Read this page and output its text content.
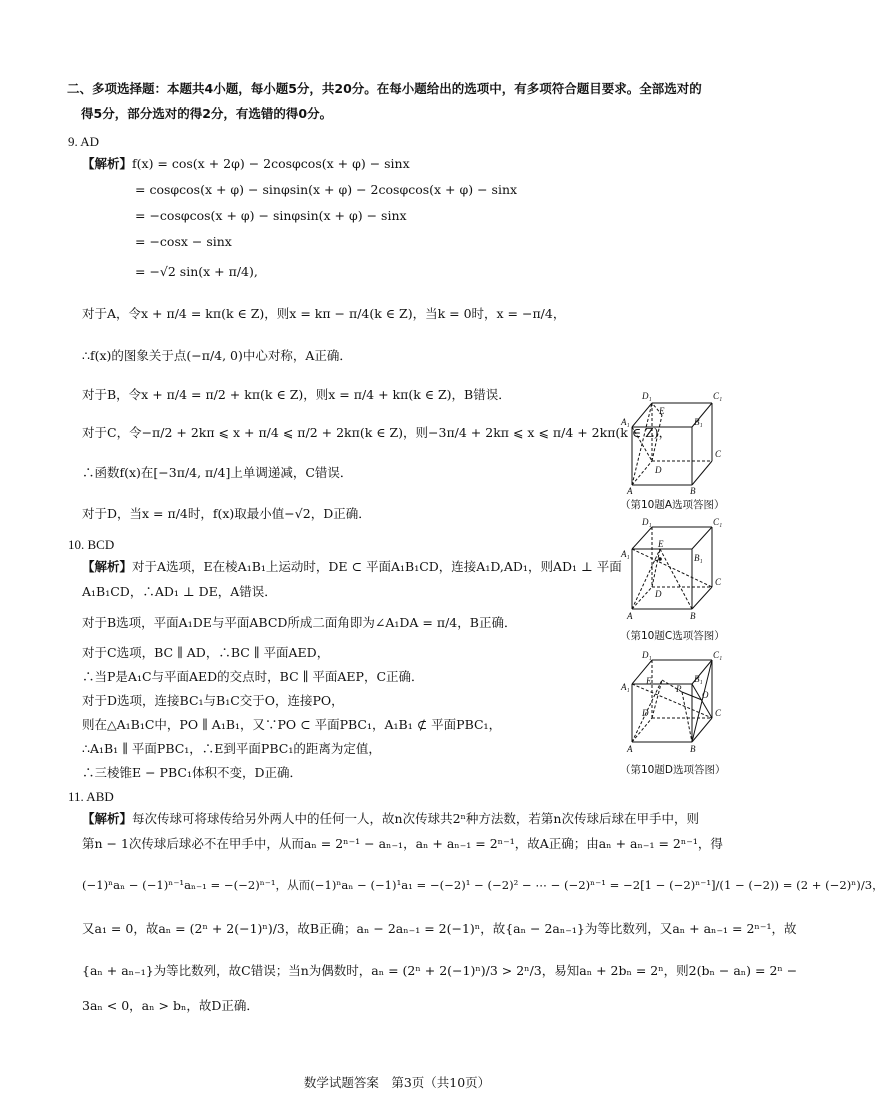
二、多项选择题：本题共4小题，每小题5分，共20分。在每小题给出的选项中，有多项符合题目要求。全部选对的
得5分，部分选对的得2分，有选错的得0分。
9. AD
【解析】f(x) = cos(x + 2φ) − 2cosφcos(x + φ) − sinx
= cosφcos(x + φ) − sinφsin(x + φ) − 2cosφcos(x + φ) − sinx
= −cosφcos(x + φ) − sinφsin(x + φ) − sinx
= −cosx − sinx
= −√2 sin(x + π/4),
对于A，令x + π/4 = kπ(k ∈ Z)，则x = kπ − π/4(k ∈ Z)，当k = 0时，x = −π/4，
∴f(x)的图象关于点(−π/4, 0)中心对称，A正确．
对于B，令x + π/4 = π/2 + kπ(k ∈ Z)，则x = π/4 + kπ(k ∈ Z)，B错误．
对于C，令−π/2 + 2kπ ⩽ x + π/4 ⩽ π/2 + 2kπ(k ∈ Z)，则−3π/4 + 2kπ ⩽ x ⩽ π/4 + 2kπ(k ∈ Z)，
∴函数f(x)在[−3π/4, π/4]上单调递减，C错误．
对于D，当x = π/4时，f(x)取最小值−√2，D正确．
10. BCD
【解析】对于A选项，E在棱A₁B₁上运动时，DE ⊂ 平面A₁B₁CD，连接A₁D,AD₁，则AD₁ ⊥ 平面
A₁B₁CD，∴AD₁ ⊥ DE，A错误．
对于B选项，平面A₁DE与平面ABCD所成二面角即为∠A₁DA = π/4，B正确．
对于C选项，BC ∥ AD，∴BC ∥ 平面AED，
∴当P是A₁C与平面AED的交点时，BC ∥ 平面AEP，C正确．
对于D选项，连接BC₁与B₁C交于O，连接PO，
则在△A₁B₁C中，PO ∥ A₁B₁，又∵PO ⊂ 平面PBC₁，A₁B₁ ⊄ 平面PBC₁，
∴A₁B₁ ∥ 平面PBC₁，∴E到平面PBC₁的距离为定值，
∴三棱锥E − PBC₁体积不变，D正确．
11. ABD
【解析】每次传球可将球传给另外两人中的任何一人，故n次传球共2ⁿ种方法数，若第n次传球后球在甲手中，则
第n − 1次传球后球必不在甲手中，从而aₙ = 2ⁿ⁻¹ − aₙ₋₁，aₙ + aₙ₋₁ = 2ⁿ⁻¹，故A正确；由aₙ + aₙ₋₁ = 2ⁿ⁻¹，得
(−1)ⁿaₙ − (−1)ⁿ⁻¹aₙ₋₁ = −(−2)ⁿ⁻¹，从而(−1)ⁿaₙ − (−1)¹a₁ = −(−2)¹ − (−2)² − ⋯ − (−2)ⁿ⁻¹ = −2[1 − (−2)ⁿ⁻¹]/(1 − (−2)) = (2 + (−2)ⁿ)/3，
又a₁ = 0，故aₙ = (2ⁿ + 2(−1)ⁿ)/3，故B正确；aₙ − 2aₙ₋₁ = 2(−1)ⁿ，故{aₙ − 2aₙ₋₁}为等比数列，又aₙ + aₙ₋₁ = 2ⁿ⁻¹，故
{aₙ + aₙ₋₁}为等比数列，故C错误；当n为偶数时，aₙ = (2ⁿ + 2(−1)ⁿ)/3 > 2ⁿ/3，易知aₙ + 2bₙ = 2ⁿ，则2(bₙ − aₙ) = 2ⁿ −
3aₙ < 0，aₙ > bₙ，故D正确．
D₁	C₁
A₁	B₁
E
D
C
A	B
（第10题A选项答图）
D₁	C₁
A₁	B₁
E
D
C
A	B
（第10题C选项答图）
D₁	C₁
A₁
B₁
E
P
O
D	C
A	B
（第10题D选项答图）
数学试题答案　第3页（共10页）
